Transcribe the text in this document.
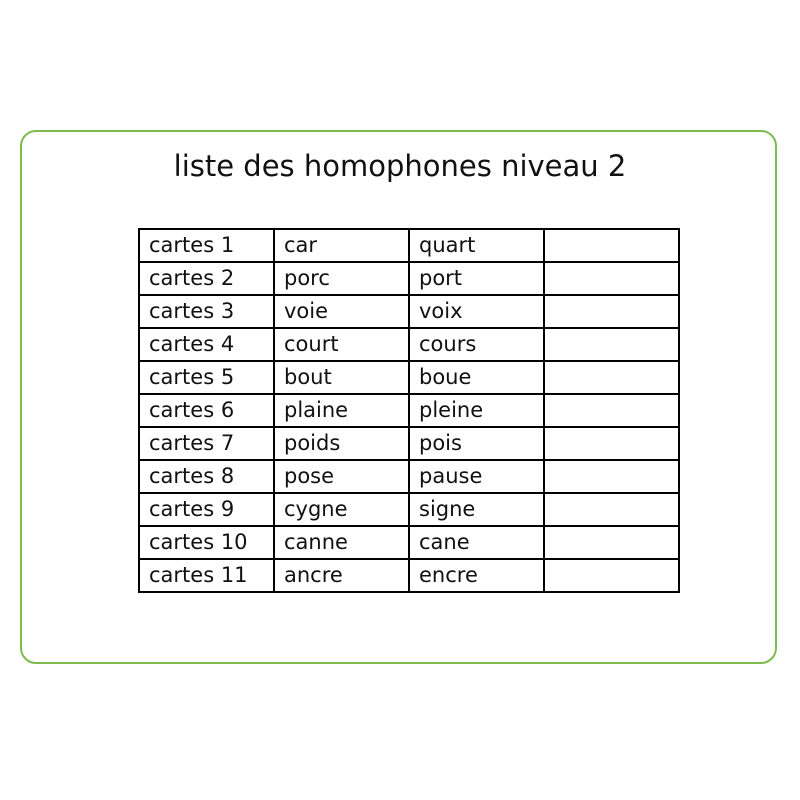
liste des homophones niveau 2
cartes 1	car	quart	
cartes 2	porc	port	
cartes 3	voie	voix	
cartes 4	court	cours	
cartes 5	bout	boue	
cartes 6	plaine	pleine	
cartes 7	poids	pois	
cartes 8	pose	pause	
cartes 9	cygne	signe	
cartes 10	canne	cane	
cartes 11	ancre	encre	
